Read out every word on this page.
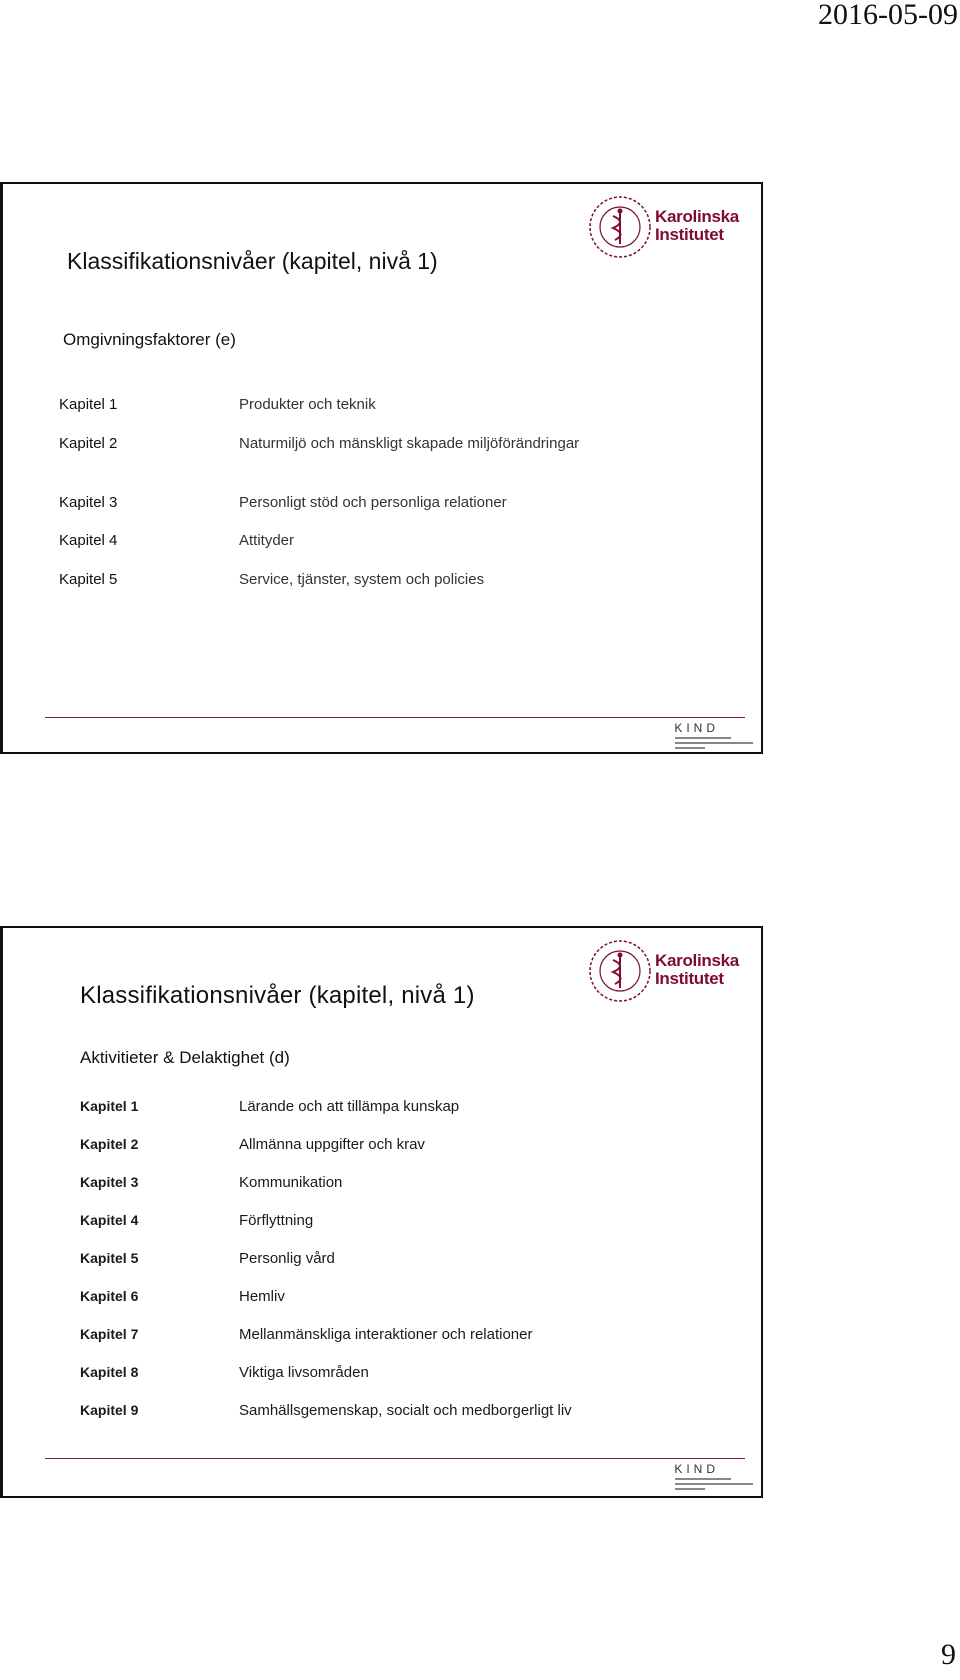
2016-05-09
Karolinska
Institutet
Klassifikationsnivåer (kapitel, nivå 1)
Omgivningsfaktorer (e)
Kapitel 1	Produkter och teknik
Kapitel 2	Naturmiljö och mänskligt skapade miljöförändringar
Kapitel 3	Personligt stöd och personliga relationer
Kapitel 4	Attityder
Kapitel 5	Service, tjänster, system och policies
KIND
Karolinska
Institutet
Klassifikationsnivåer (kapitel, nivå 1)
Aktivitieter & Delaktighet (d)
Kapitel 1	Lärande och att tillämpa kunskap
Kapitel 2	Allmänna uppgifter och krav
Kapitel 3	Kommunikation
Kapitel 4	Förflyttning
Kapitel 5	Personlig vård
Kapitel 6	Hemliv
Kapitel 7	Mellanmänskliga interaktioner och relationer
Kapitel 8	Viktiga livsområden
Kapitel 9	Samhällsgemenskap, socialt och medborgerligt liv
KIND
9
